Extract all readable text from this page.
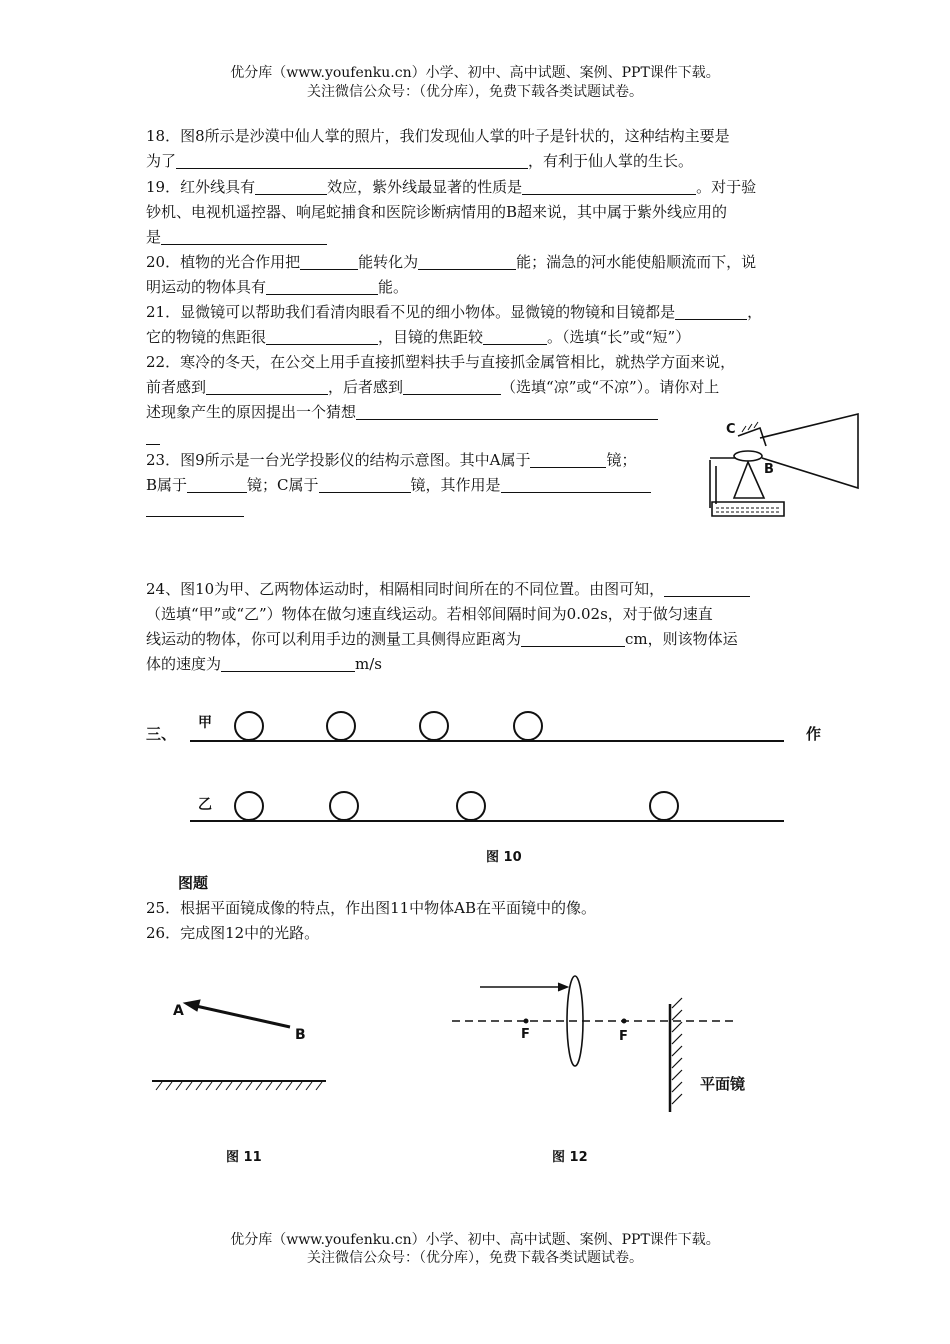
优分库（www.youfenku.cn）小学、初中、高中试题、案例、PPT课件下载。
关注微信公众号：（优分库），免费下载各类试题试卷。
18．图8所示是沙漠中仙人掌的照片，我们发现仙人掌的叶子是针状的，这种结构主要是
为了	，有利于仙人掌的生长。
19．红外线具有	效应，紫外线最显著的性质是	。对于验
钞机、电视机遥控器、响尾蛇捕食和医院诊断病情用的B超来说，其中属于紫外线应用的
是
20．植物的光合作用把	能转化为	能；湍急的河水能使船顺流而下，说
明运动的物体具有	能。
21．显微镜可以帮助我们看清肉眼看不见的细小物体。显微镜的物镜和目镜都是	，
它的物镜的焦距很	，目镜的焦距较	。（选填“长”或“短”）
22．寒冷的冬天，在公交上用手直接抓塑料扶手与直接抓金属管相比，就热学方面来说，
前者感到	，后者感到	（选填“凉”或“不凉”）。请你对上
述现象产生的原因提出一个猜想
23．图9所示是一台光学投影仪的结构示意图。其中A属于	镜；
B属于	镜；C属于	镜，其作用是
24、图10为甲、乙两物体运动时，相隔相同时间所在的不同位置。由图可知，
（选填“甲”或“乙”）物体在做匀速直线运动。若相邻间隔时间为0.02s，对于做匀速直
线运动的物体，你可以利用手边的测量工具侧得应距离为	cm，则该物体运
体的速度为	m/s
三、	作
图题
25．根据平面镜成像的特点，作出图11中物体AB在平面镜中的像。
26．完成图12中的光路。
C
B
甲
乙
图 10
A
B
图 11
F	F
平面镜
图 12
优分库（www.youfenku.cn）小学、初中、高中试题、案例、PPT课件下载。
关注微信公众号：（优分库），免费下载各类试题试卷。
